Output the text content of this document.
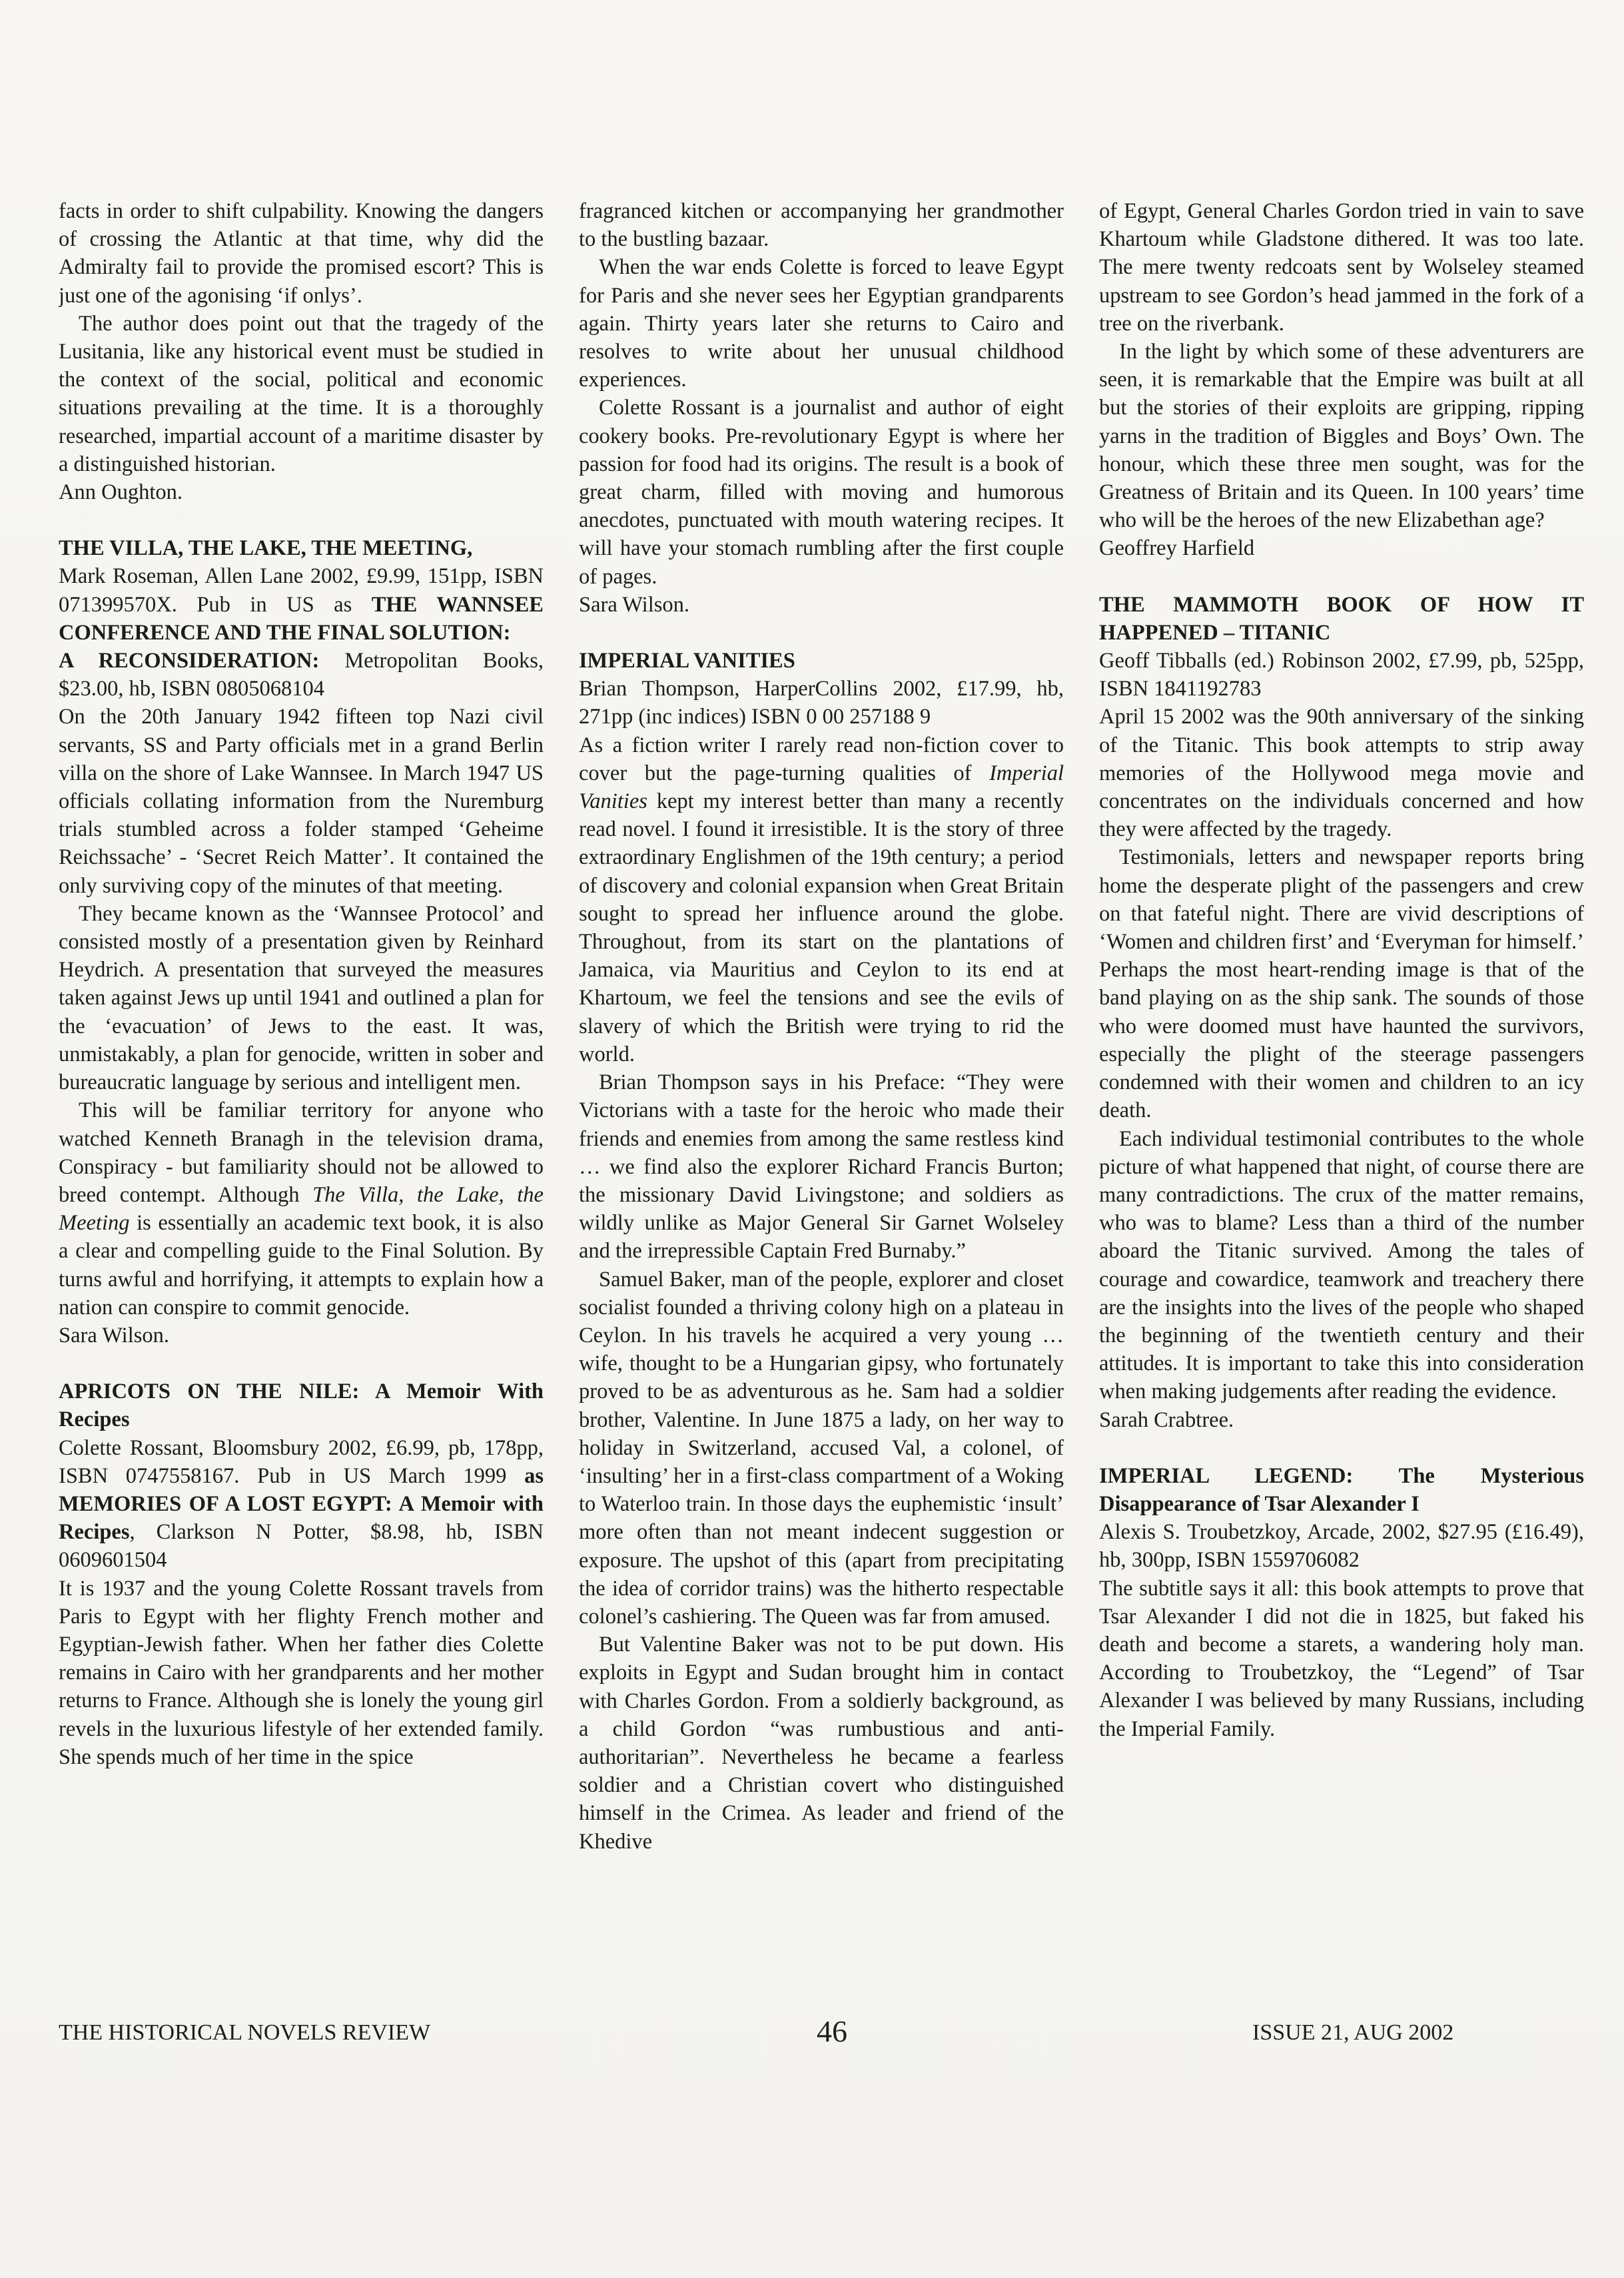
facts in order to shift culpability. Knowing the dangers of crossing the Atlantic at that time, why did the Admiralty fail to provide the promised escort? This is just one of the agonising ‘if onlys’.

The author does point out that the tragedy of the Lusitania, like any historical event must be studied in the context of the social, political and economic situations prevailing at the time. It is a thoroughly researched, impartial account of a maritime disaster by a distinguished historian.

Ann Oughton.

THE VILLA, THE LAKE, THE MEETING,

Mark Roseman, Allen Lane 2002, £9.99, 151pp, ISBN 071399570X. Pub in US as THE WANNSEE CONFERENCE AND THE FINAL SOLUTION:
A RECONSIDERATION: Metropolitan Books, $23.00, hb, ISBN 0805068104

On the 20th January 1942 fifteen top Nazi civil servants, SS and Party officials met in a grand Berlin villa on the shore of Lake Wannsee. In March 1947 US officials collating information from the Nuremburg trials stumbled across a folder stamped ‘Geheime Reichssache’ - ‘Secret Reich Matter’. It contained the only surviving copy of the minutes of that meeting.

They became known as the ‘Wannsee Protocol’ and consisted mostly of a presentation given by Reinhard Heydrich. A presentation that surveyed the measures taken against Jews up until 1941 and outlined a plan for the ‘evacuation’ of Jews to the east. It was, unmistakably, a plan for genocide, written in sober and bureaucratic language by serious and intelligent men.

This will be familiar territory for anyone who watched Kenneth Branagh in the television drama, Conspiracy - but familiarity should not be allowed to breed contempt. Although The Villa, the Lake, the Meeting is essentially an academic text book, it is also a clear and compelling guide to the Final Solution. By turns awful and horrifying, it attempts to explain how a nation can conspire to commit genocide.

Sara Wilson.

APRICOTS ON THE NILE: A Memoir With Recipes

Colette Rossant, Bloomsbury 2002, £6.99, pb, 178pp, ISBN 0747558167. Pub in US March 1999 as MEMORIES OF A LOST EGYPT: A Memoir with Recipes, Clarkson N Potter, $8.98, hb, ISBN 0609601504

It is 1937 and the young Colette Rossant travels from Paris to Egypt with her flighty French mother and Egyptian-Jewish father. When her father dies Colette remains in Cairo with her grandparents and her mother returns to France. Although she is lonely the young girl revels in the luxurious lifestyle of her extended family. She spends much of her time in the spice

fragranced kitchen or accompanying her grandmother to the bustling bazaar.

When the war ends Colette is forced to leave Egypt for Paris and she never sees her Egyptian grandparents again. Thirty years later she returns to Cairo and resolves to write about her unusual childhood experiences.

Colette Rossant is a journalist and author of eight cookery books. Pre-revolutionary Egypt is where her passion for food had its origins. The result is a book of great charm, filled with moving and humorous anecdotes, punctuated with mouth watering recipes. It will have your stomach rumbling after the first couple of pages.

Sara Wilson.

IMPERIAL VANITIES

Brian Thompson, HarperCollins 2002, £17.99, hb, 271pp (inc indices) ISBN 0 00 257188 9

As a fiction writer I rarely read non-fiction cover to cover but the page-turning qualities of Imperial Vanities kept my interest better than many a recently read novel. I found it irresistible. It is the story of three extraordinary Englishmen of the 19th century; a period of discovery and colonial expansion when Great Britain sought to spread her influence around the globe. Throughout, from its start on the plantations of Jamaica, via Mauritius and Ceylon to its end at Khartoum, we feel the tensions and see the evils of slavery of which the British were trying to rid the world.

Brian Thompson says in his Preface: “They were Victorians with a taste for the heroic who made their friends and enemies from among the same restless kind … we find also the explorer Richard Francis Burton; the missionary David Livingstone; and soldiers as wildly unlike as Major General Sir Garnet Wolseley and the irrepressible Captain Fred Burnaby.”

Samuel Baker, man of the people, explorer and closet socialist founded a thriving colony high on a plateau in Ceylon. In his travels he acquired a very young … wife, thought to be a Hungarian gipsy, who fortunately proved to be as adventurous as he. Sam had a soldier brother, Valentine. In June 1875 a lady, on her way to holiday in Switzerland, accused Val, a colonel, of ‘insulting’ her in a first-class compartment of a Woking to Waterloo train. In those days the euphemistic ‘insult’ more often than not meant indecent suggestion or exposure. The upshot of this (apart from precipitating the idea of corridor trains) was the hitherto respectable colonel’s cashiering. The Queen was far from amused.

But Valentine Baker was not to be put down. His exploits in Egypt and Sudan brought him in contact with Charles Gordon. From a soldierly background, as a child Gordon “was rumbustious and anti-authoritarian”. Nevertheless he became a fearless soldier and a Christian covert who distinguished himself in the Crimea. As leader and friend of the Khedive

of Egypt, General Charles Gordon tried in vain to save Khartoum while Gladstone dithered. It was too late. The mere twenty redcoats sent by Wolseley steamed upstream to see Gordon’s head jammed in the fork of a tree on the riverbank.

In the light by which some of these adventurers are seen, it is remarkable that the Empire was built at all but the stories of their exploits are gripping, ripping yarns in the tradition of Biggles and Boys’ Own. The honour, which these three men sought, was for the Greatness of Britain and its Queen. In 100 years’ time who will be the heroes of the new Elizabethan age?

Geoffrey Harfield

THE MAMMOTH BOOK OF HOW IT HAPPENED – TITANIC

Geoff Tibballs (ed.) Robinson 2002, £7.99, pb, 525pp, ISBN 1841192783

April 15 2002 was the 90th anniversary of the sinking of the Titanic. This book attempts to strip away memories of the Hollywood mega movie and concentrates on the individuals concerned and how they were affected by the tragedy.

Testimonials, letters and newspaper reports bring home the desperate plight of the passengers and crew on that fateful night. There are vivid descriptions of ‘Women and children first’ and ‘Everyman for himself.’ Perhaps the most heart-rending image is that of the band playing on as the ship sank. The sounds of those who were doomed must have haunted the survivors, especially the plight of the steerage passengers condemned with their women and children to an icy death.

Each individual testimonial contributes to the whole picture of what happened that night, of course there are many contradictions. The crux of the matter remains, who was to blame? Less than a third of the number aboard the Titanic survived. Among the tales of courage and cowardice, teamwork and treachery there are the insights into the lives of the people who shaped the beginning of the twentieth century and their attitudes. It is important to take this into consideration when making judgements after reading the evidence.

Sarah Crabtree.

IMPERIAL LEGEND: The Mysterious Disappearance of Tsar Alexander I

Alexis S. Troubetzkoy, Arcade, 2002, $27.95 (£16.49), hb, 300pp, ISBN 1559706082

The subtitle says it all: this book attempts to prove that Tsar Alexander I did not die in 1825, but faked his death and become a starets, a wandering holy man. According to Troubetzkoy, the “Legend” of Tsar Alexander I was believed by many Russians, including the Imperial Family.

THE HISTORICAL NOVELS REVIEW	46	ISSUE 21, AUG 2002
